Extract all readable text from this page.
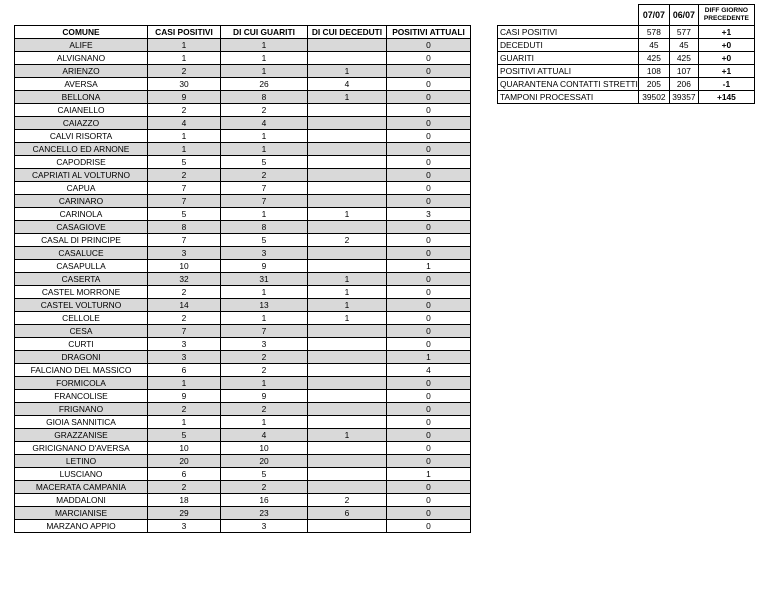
COMUNE	CASI POSITIVI	DI CUI GUARITI	DI CUI DECEDUTI	POSITIVI ATTUALI
ALIFE	1	1		0
ALVIGNANO	1	1		0
ARIENZO	2	1	1	0
AVERSA	30	26	4	0
BELLONA	9	8	1	0
CAIANELLO	2	2		0
CAIAZZO	4	4		0
CALVI RISORTA	1	1		0
CANCELLO ED ARNONE	1	1		0
CAPODRISE	5	5		0
CAPRIATI AL VOLTURNO	2	2		0
CAPUA	7	7		0
CARINARO	7	7		0
CARINOLA	5	1	1	3
CASAGIOVE	8	8		0
CASAL DI PRINCIPE	7	5	2	0
CASALUCE	3	3		0
CASAPULLA	10	9		1
CASERTA	32	31	1	0
CASTEL MORRONE	2	1	1	0
CASTEL VOLTURNO	14	13	1	0
CELLOLE	2	1	1	0
CESA	7	7		0
CURTI	3	3		0
DRAGONI	3	2		1
FALCIANO DEL MASSICO	6	2		4
FORMICOLA	1	1		0
FRANCOLISE	9	9		0
FRIGNANO	2	2		0
GIOIA SANNITICA	1	1		0
GRAZZANISE	5	4	1	0
GRICIGNANO D'AVERSA	10	10		0
LETINO	20	20		0
LUSCIANO	6	5		1
MACERATA CAMPANIA	2	2		0
MADDALONI	18	16	2	0
MARCIANISE	29	23	6	0
MARZANO APPIO	3	3		0
	07/07	06/07	DIFF GIORNO PRECEDENTE
CASI POSITIVI	578	577	+1
DECEDUTI	45	45	+0
GUARITI	425	425	+0
POSITIVI ATTUALI	108	107	+1
QUARANTENA CONTATTI STRETTI	205	206	-1
TAMPONI PROCESSATI	39502	39357	+145
